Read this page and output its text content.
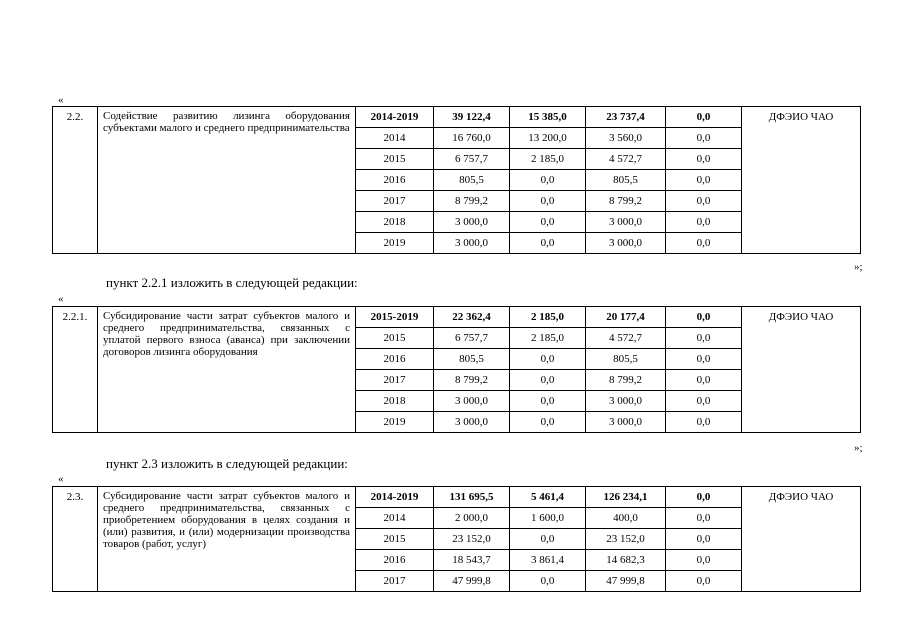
«
2.2.	Содействие развитию лизинга оборудования субъектами малого и среднего предпринимательства	2014-2019	39 122,4	15 385,0	23 737,4	0,0	ДФЭИО ЧАО
		2014	16 760,0	13 200,0	3 560,0	0,0	
		2015	6 757,7	2 185,0	4 572,7	0,0	
		2016	805,5	0,0	805,5	0,0	
		2017	8 799,2	0,0	8 799,2	0,0	
		2018	3 000,0	0,0	3 000,0	0,0	
		2019	3 000,0	0,0	3 000,0	0,0	
»;
пункт 2.2.1 изложить в следующей редакции:
«
2.2.1.	Субсидирование части затрат субъектов малого и среднего предпринимательства, связанных с уплатой первого взноса (аванса) при заключении договоров лизинга оборудования	2015-2019	22 362,4	2 185,0	20 177,4	0,0	ДФЭИО ЧАО
		2015	6 757,7	2 185,0	4 572,7	0,0	
		2016	805,5	0,0	805,5	0,0	
		2017	8 799,2	0,0	8 799,2	0,0	
		2018	3 000,0	0,0	3 000,0	0,0	
		2019	3 000,0	0,0	3 000,0	0,0	
»;
пункт 2.3 изложить в следующей редакции:
«
2.3.	Субсидирование части затрат субъектов малого и среднего предпринимательства, связанных с приобретением оборудования в целях создания и (или) развития, и (или) модернизации производства товаров (работ, услуг)	2014-2019	131 695,5	5 461,4	126 234,1	0,0	ДФЭИО ЧАО
		2014	2 000,0	1 600,0	400,0	0,0	
		2015	23 152,0	0,0	23 152,0	0,0	
		2016	18 543,7	3 861,4	14 682,3	0,0	
		2017	47 999,8	0,0	47 999,8	0,0	
